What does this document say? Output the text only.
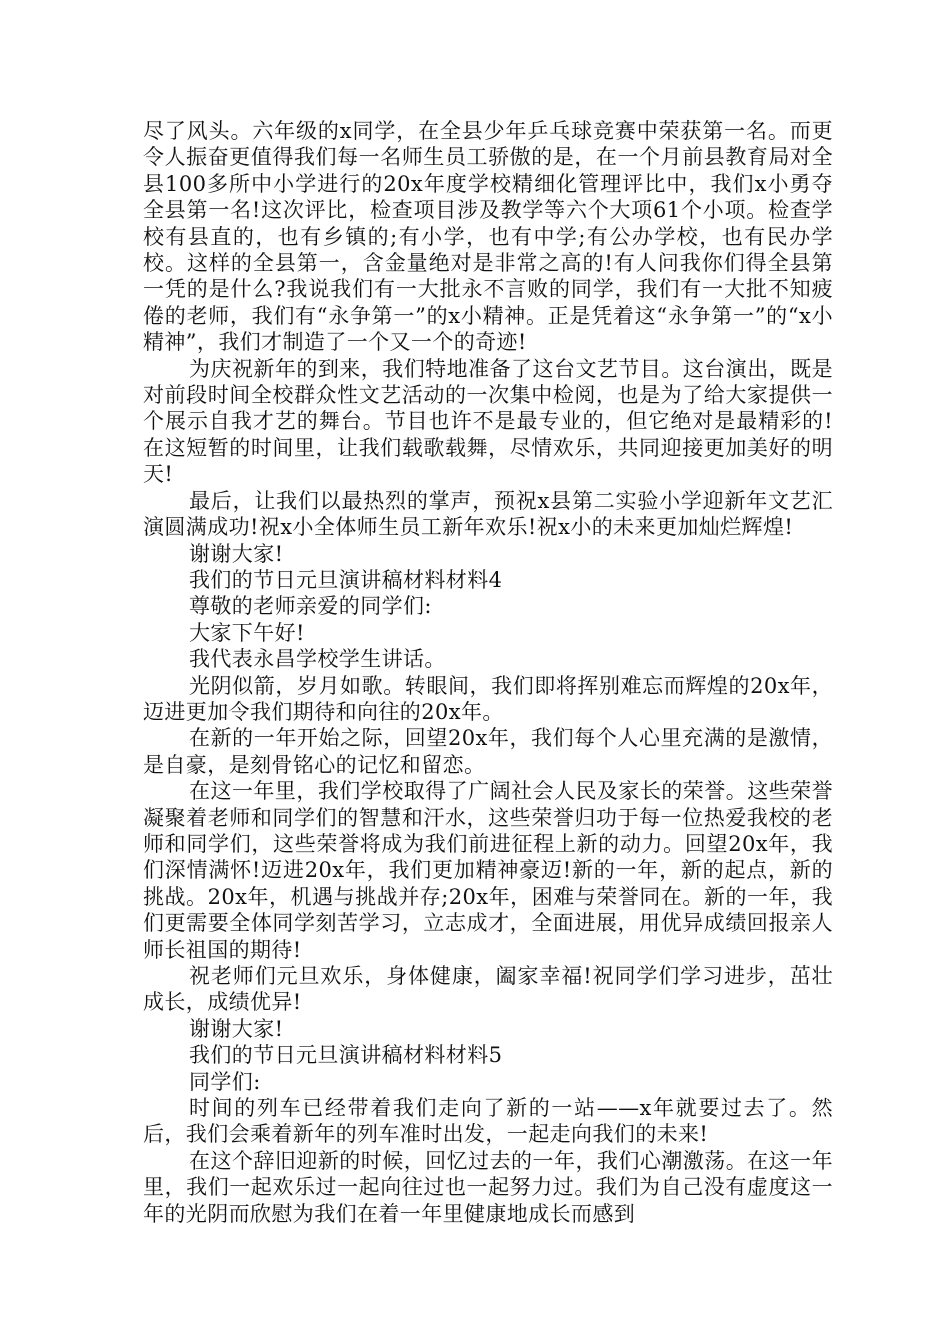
尽了风头。六年级的x同学，在全县少年乒乓球竞赛中荣获第一名。而更令人振奋更值得我们每一名师生员工骄傲的是，在一个月前县教育局对全县100多所中小学进行的20x年度学校精细化管理评比中，我们x小勇夺全县第一名!这次评比，检查项目涉及教学等六个大项61个小项。检查学校有县直的，也有乡镇的;有小学，也有中学;有公办学校，也有民办学校。这样的全县第一，含金量绝对是非常之高的!有人问我你们得全县第一凭的是什么?我说我们有一大批永不言败的同学，我们有一大批不知疲倦的老师，我们有“永争第一”的x小精神。正是凭着这“永争第一”的“x小精神”，我们才制造了一个又一个的奇迹!

为庆祝新年的到来，我们特地准备了这台文艺节目。这台演出，既是对前段时间全校群众性文艺活动的一次集中检阅，也是为了给大家提供一个展示自我才艺的舞台。节目也许不是最专业的，但它绝对是最精彩的!在这短暂的时间里，让我们载歌载舞，尽情欢乐，共同迎接更加美好的明天!

最后，让我们以最热烈的掌声，预祝x县第二实验小学迎新年文艺汇演圆满成功!祝x小全体师生员工新年欢乐!祝x小的未来更加灿烂辉煌!

谢谢大家!

我们的节日元旦演讲稿材料材料4

尊敬的老师亲爱的同学们:

大家下午好!

我代表永昌学校学生讲话。

光阴似箭，岁月如歌。转眼间，我们即将挥别难忘而辉煌的20x年，迈进更加令我们期待和向往的20x年。

在新的一年开始之际，回望20x年，我们每个人心里充满的是激情，是自豪，是刻骨铭心的记忆和留恋。

在这一年里，我们学校取得了广阔社会人民及家长的荣誉。这些荣誉凝聚着老师和同学们的智慧和汗水，这些荣誉归功于每一位热爱我校的老师和同学们，这些荣誉将成为我们前进征程上新的动力。回望20x年，我们深情满怀!迈进20x年，我们更加精神豪迈!新的一年，新的起点，新的挑战。20x年，机遇与挑战并存;20x年，困难与荣誉同在。新的一年，我们更需要全体同学刻苦学习，立志成才，全面进展，用优异成绩回报亲人师长祖国的期待!

祝老师们元旦欢乐，身体健康，阖家幸福!祝同学们学习进步，茁壮成长，成绩优异!

谢谢大家!

我们的节日元旦演讲稿材料材料5

同学们:

时间的列车已经带着我们走向了新的一站——x年就要过去了。然后，我们会乘着新年的列车准时出发，一起走向我们的未来!

在这个辞旧迎新的时候，回忆过去的一年，我们心潮激荡。在这一年里，我们一起欢乐过一起向往过也一起努力过。我们为自己没有虚度这一年的光阴而欣慰为我们在着一年里健康地成长而感到
